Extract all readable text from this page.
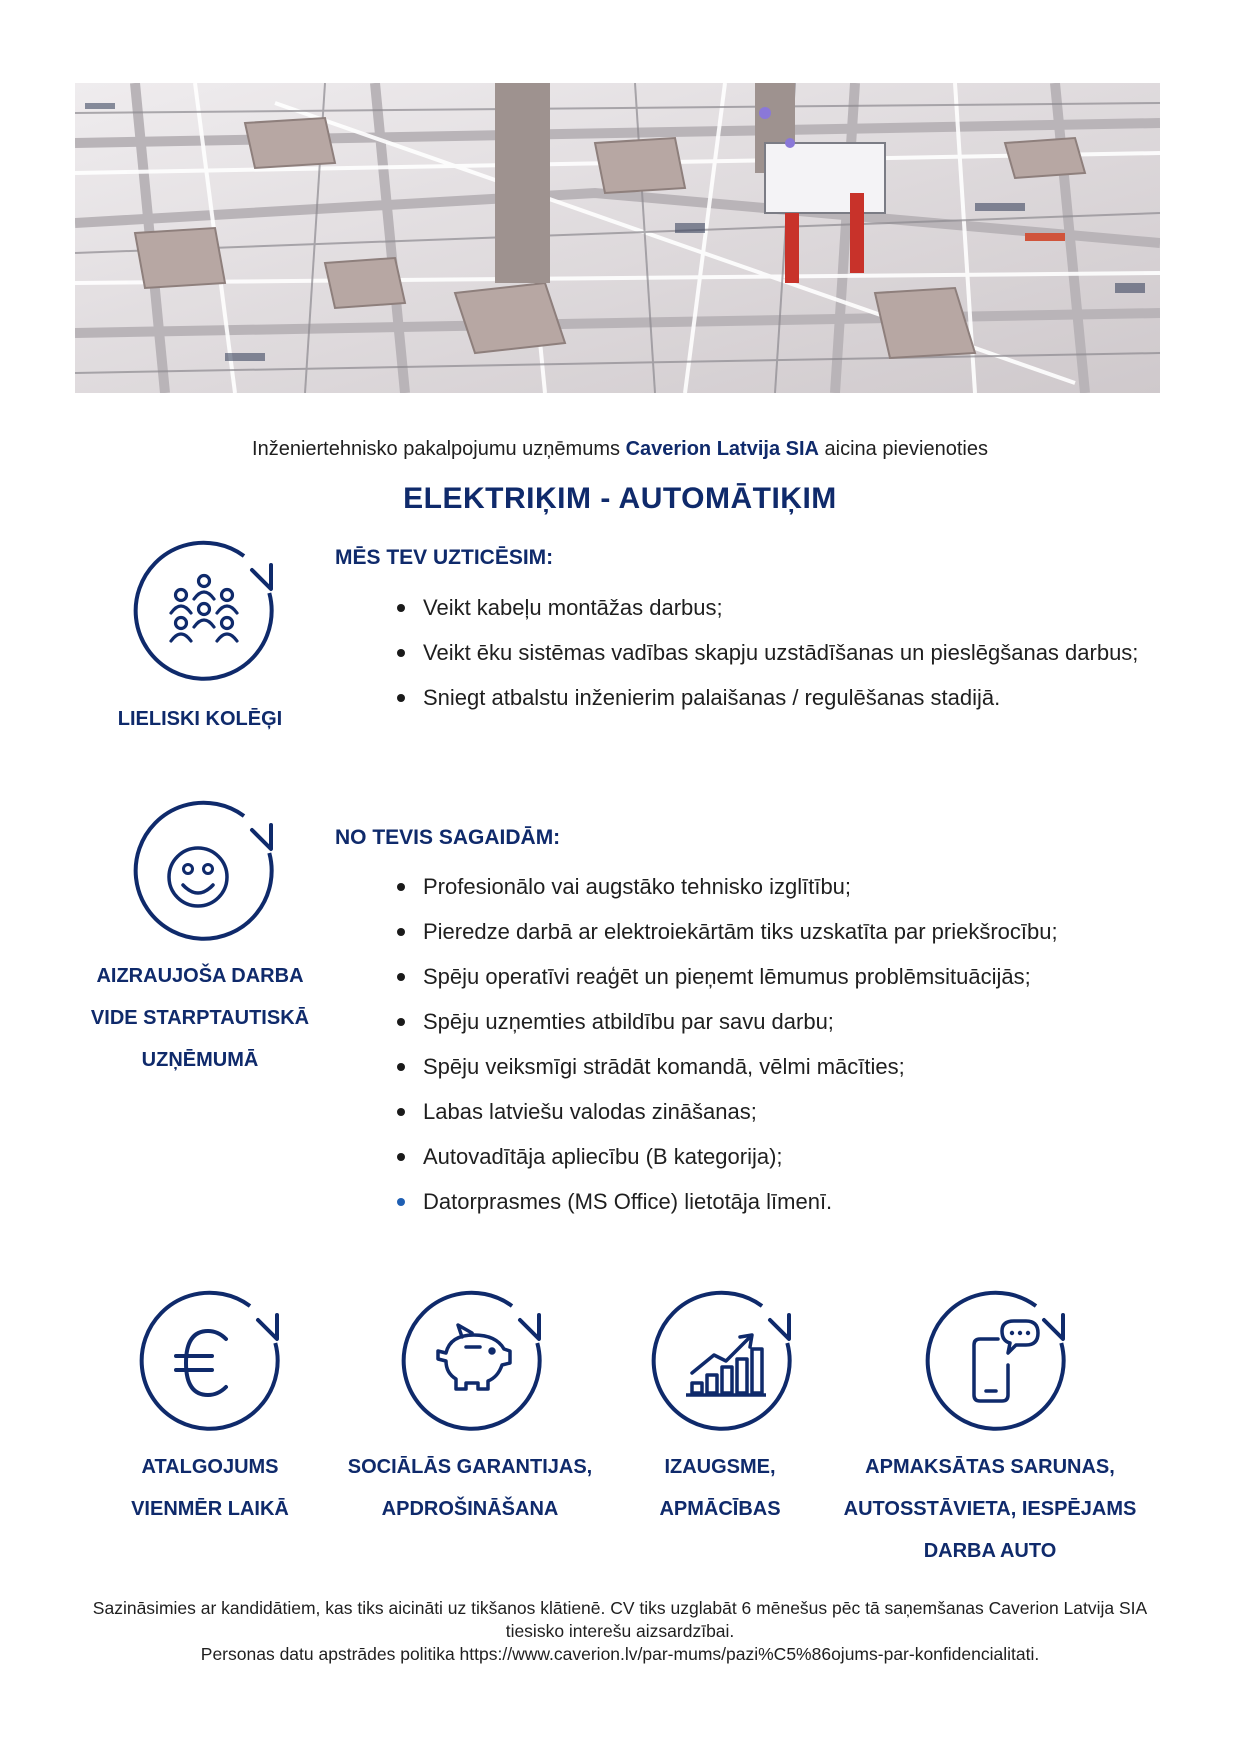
Inženiertehnisko pakalpojumu uzņēmums Caverion Latvija SIA aicina pievienoties
ELEKTRIĶIM - AUTOMĀTIĶIM
LIELISKI KOLĒĢI
AIZRAUJOŠA DARBA
VIDE STARPTAUTISKĀ
UZŅĒMUMĀ
MĒS TEV UZTICĒSIM:
Veikt kabeļu montāžas darbus;
Veikt ēku sistēmas vadības skapju uzstādīšanas un pieslēgšanas darbus;
Sniegt atbalstu inženierim palaišanas / regulēšanas stadijā.
NO TEVIS SAGAIDĀM:
Profesionālo vai augstāko tehnisko izglītību;
Pieredze darbā ar elektroiekārtām tiks uzskatīta par priekšrocību;
Spēju operatīvi reaģēt un pieņemt lēmumus problēmsituācijās;
Spēju uzņemties atbildību par savu darbu;
Spēju veiksmīgi strādāt komandā, vēlmi mācīties;
Labas latviešu valodas zināšanas;
Autovadītāja apliecību (B kategorija);
Datorprasmes (MS Office) lietotāja līmenī.
ATALGOJUMS
VIENMĒR LAIKĀ
SOCIĀLĀS GARANTIJAS,
APDROŠINĀŠANA
IZAUGSME,
APMĀCĪBAS
APMAKSĀTAS SARUNAS,
AUTOSSTĀVIETA, IESPĒJAMS
DARBA AUTO
Sazināsimies ar kandidātiem, kas tiks aicināti uz tikšanos klātienē. CV tiks uzglabāt 6 mēnešus pēc tā saņemšanas Caverion Latvija SIA tiesisko interešu aizsardzībai.
Personas datu apstrādes politika https://www.caverion.lv/par-mums/pazi%C5%86ojums-par-konfidencialitati.
